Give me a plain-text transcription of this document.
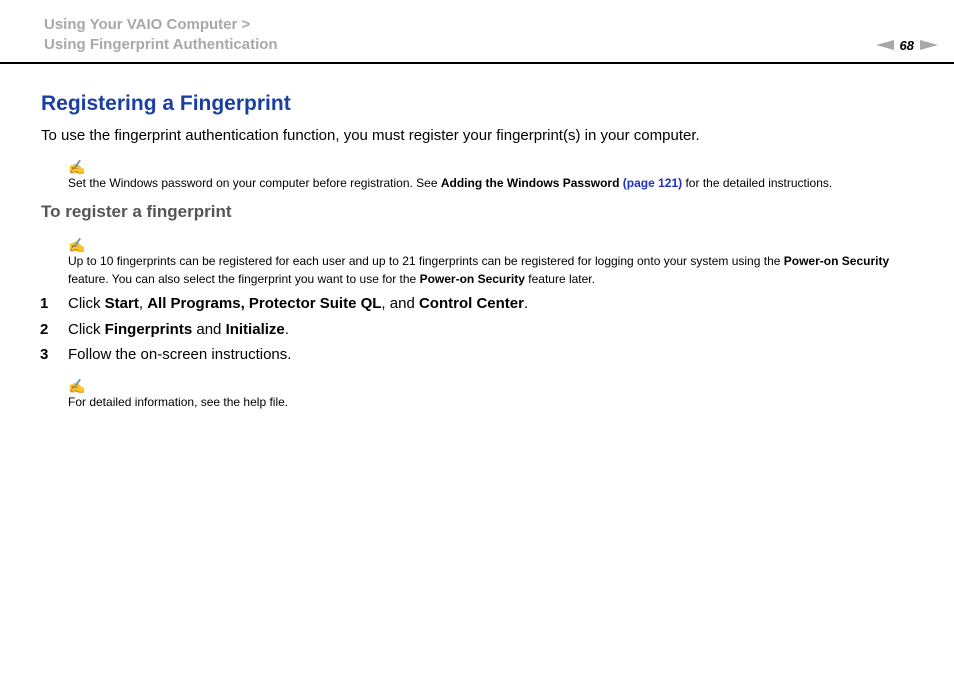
Using Your VAIO Computer >
Using Fingerprint Authentication	68
Registering a Fingerprint

To use the fingerprint authentication function, you must register your fingerprint(s) in your computer.

✍

Set the Windows password on your computer before registration. See Adding the Windows Password (page 121) for the detailed instructions.

To register a fingerprint
✍

Up to 10 fingerprints can be registered for each user and up to 21 fingerprints can be registered for logging onto your system using the Power-on Security feature. You can also select the fingerprint you want to use for the Power-on Security feature later.

1 Click Start, All Programs, Protector Suite QL, and Control Center.
2 Click Fingerprints and Initialize.
3 Follow the on-screen instructions.
✍

For detailed information, see the help file.
